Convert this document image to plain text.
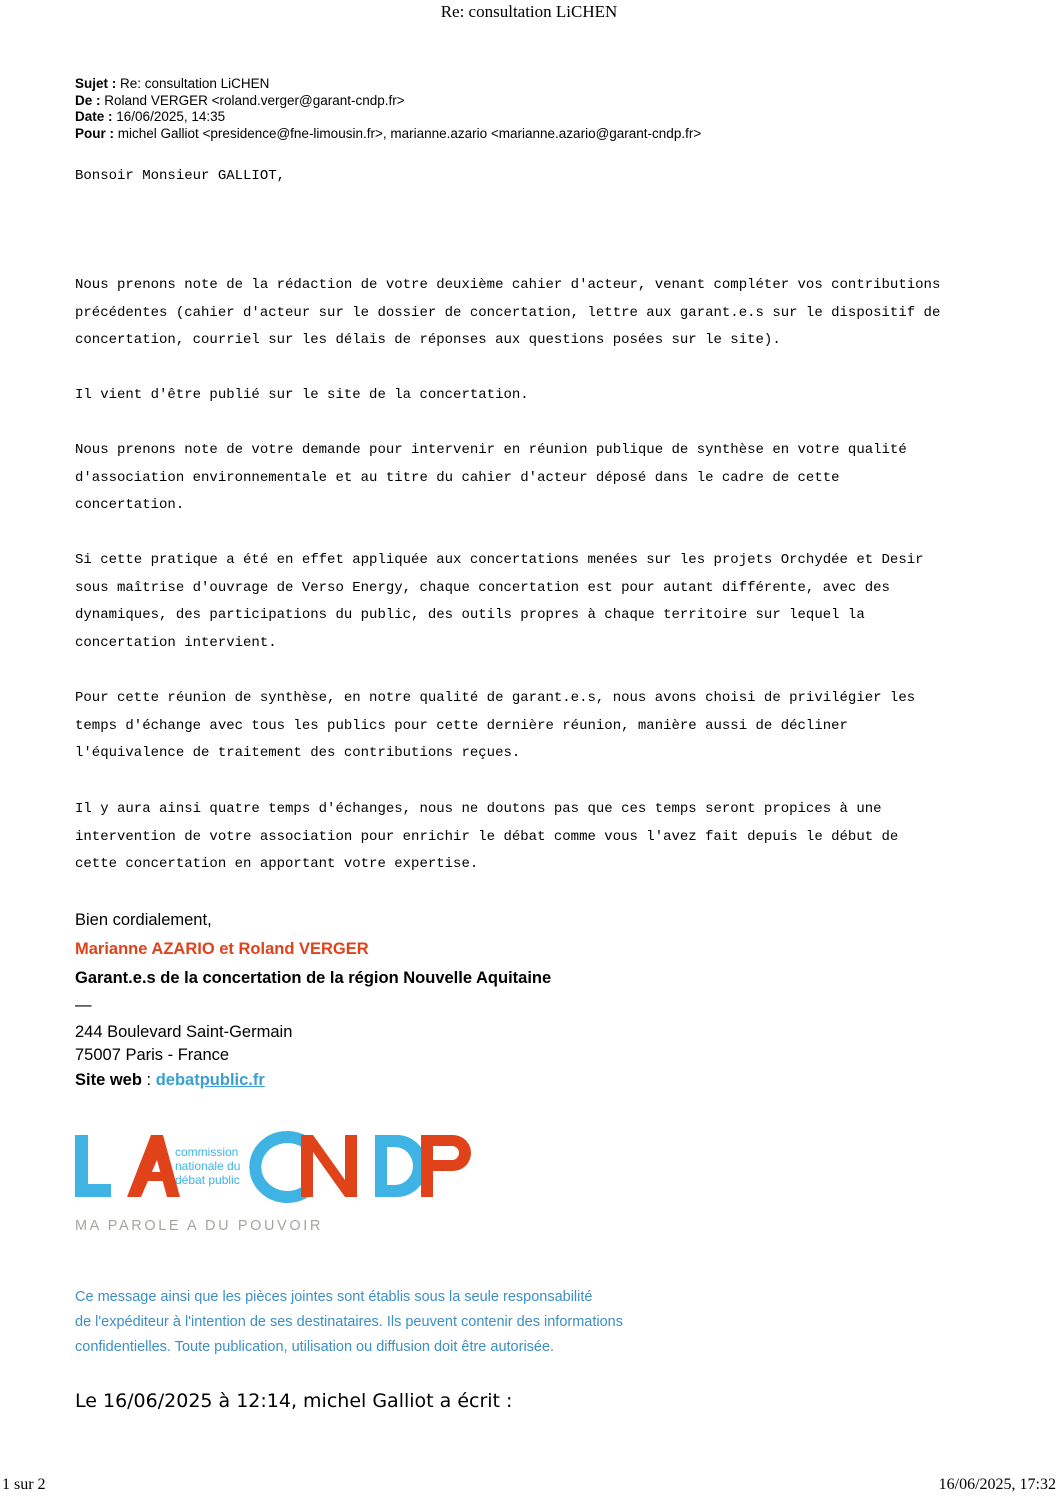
Re: consultation LiCHEN
Sujet : Re: consultation LiCHEN
De : Roland VERGER <roland.verger@garant-cndp.fr>
Date : 16/06/2025, 14:35
Pour : michel Galliot <presidence@fne-limousin.fr>, marianne.azario <marianne.azario@garant-cndp.fr>
Bonsoir Monsieur GALLIOT,
Nous prenons note de la rédaction de votre deuxième cahier d'acteur, venant compléter vos contributions
précédentes (cahier d'acteur sur le dossier de concertation, lettre aux garant.e.s sur le dispositif de
concertation, courriel sur les délais de réponses aux questions posées sur le site).
Il vient d'être publié sur le site de la concertation.
Nous prenons note de votre demande pour intervenir en réunion publique de synthèse en votre qualité
d'association environnementale et au titre du cahier d'acteur déposé dans le cadre de cette
concertation.
Si cette pratique a été en effet appliquée aux concertations menées sur les projets Orchydée et Desir
sous maîtrise d'ouvrage de Verso Energy, chaque concertation est pour autant différente, avec des
dynamiques, des participations du public, des outils propres à chaque territoire sur lequel la
concertation intervient.
Pour cette réunion de synthèse, en notre qualité de garant.e.s, nous avons choisi de privilégier les
temps d'échange avec tous les publics pour cette dernière réunion, manière aussi de décliner
l'équivalence de traitement des contributions reçues.
Il y aura ainsi quatre temps d'échanges, nous ne doutons pas que ces temps seront propices à une
intervention de votre association pour enrichir le débat comme vous l'avez fait depuis le début de
cette concertation en apportant votre expertise.
Bien cordialement,
Marianne AZARIO et Roland VERGER
Garant.e.s de la concertation de la région Nouvelle Aquitaine
—
244 Boulevard Saint-Germain
75007 Paris - France
Site web : debatpublic.fr
commission
nationale du
débat public
MA PAROLE A DU POUVOIR
Ce message ainsi que les pièces jointes sont établis sous la seule responsabilité
de l'expéditeur à l'intention de ses destinataires. Ils peuvent contenir des informations
confidentielles. Toute publication, utilisation ou diffusion doit être autorisée.
Le 16/06/2025 à 12:14, michel Galliot a écrit :
1 sur 2	16/06/2025, 17:32
